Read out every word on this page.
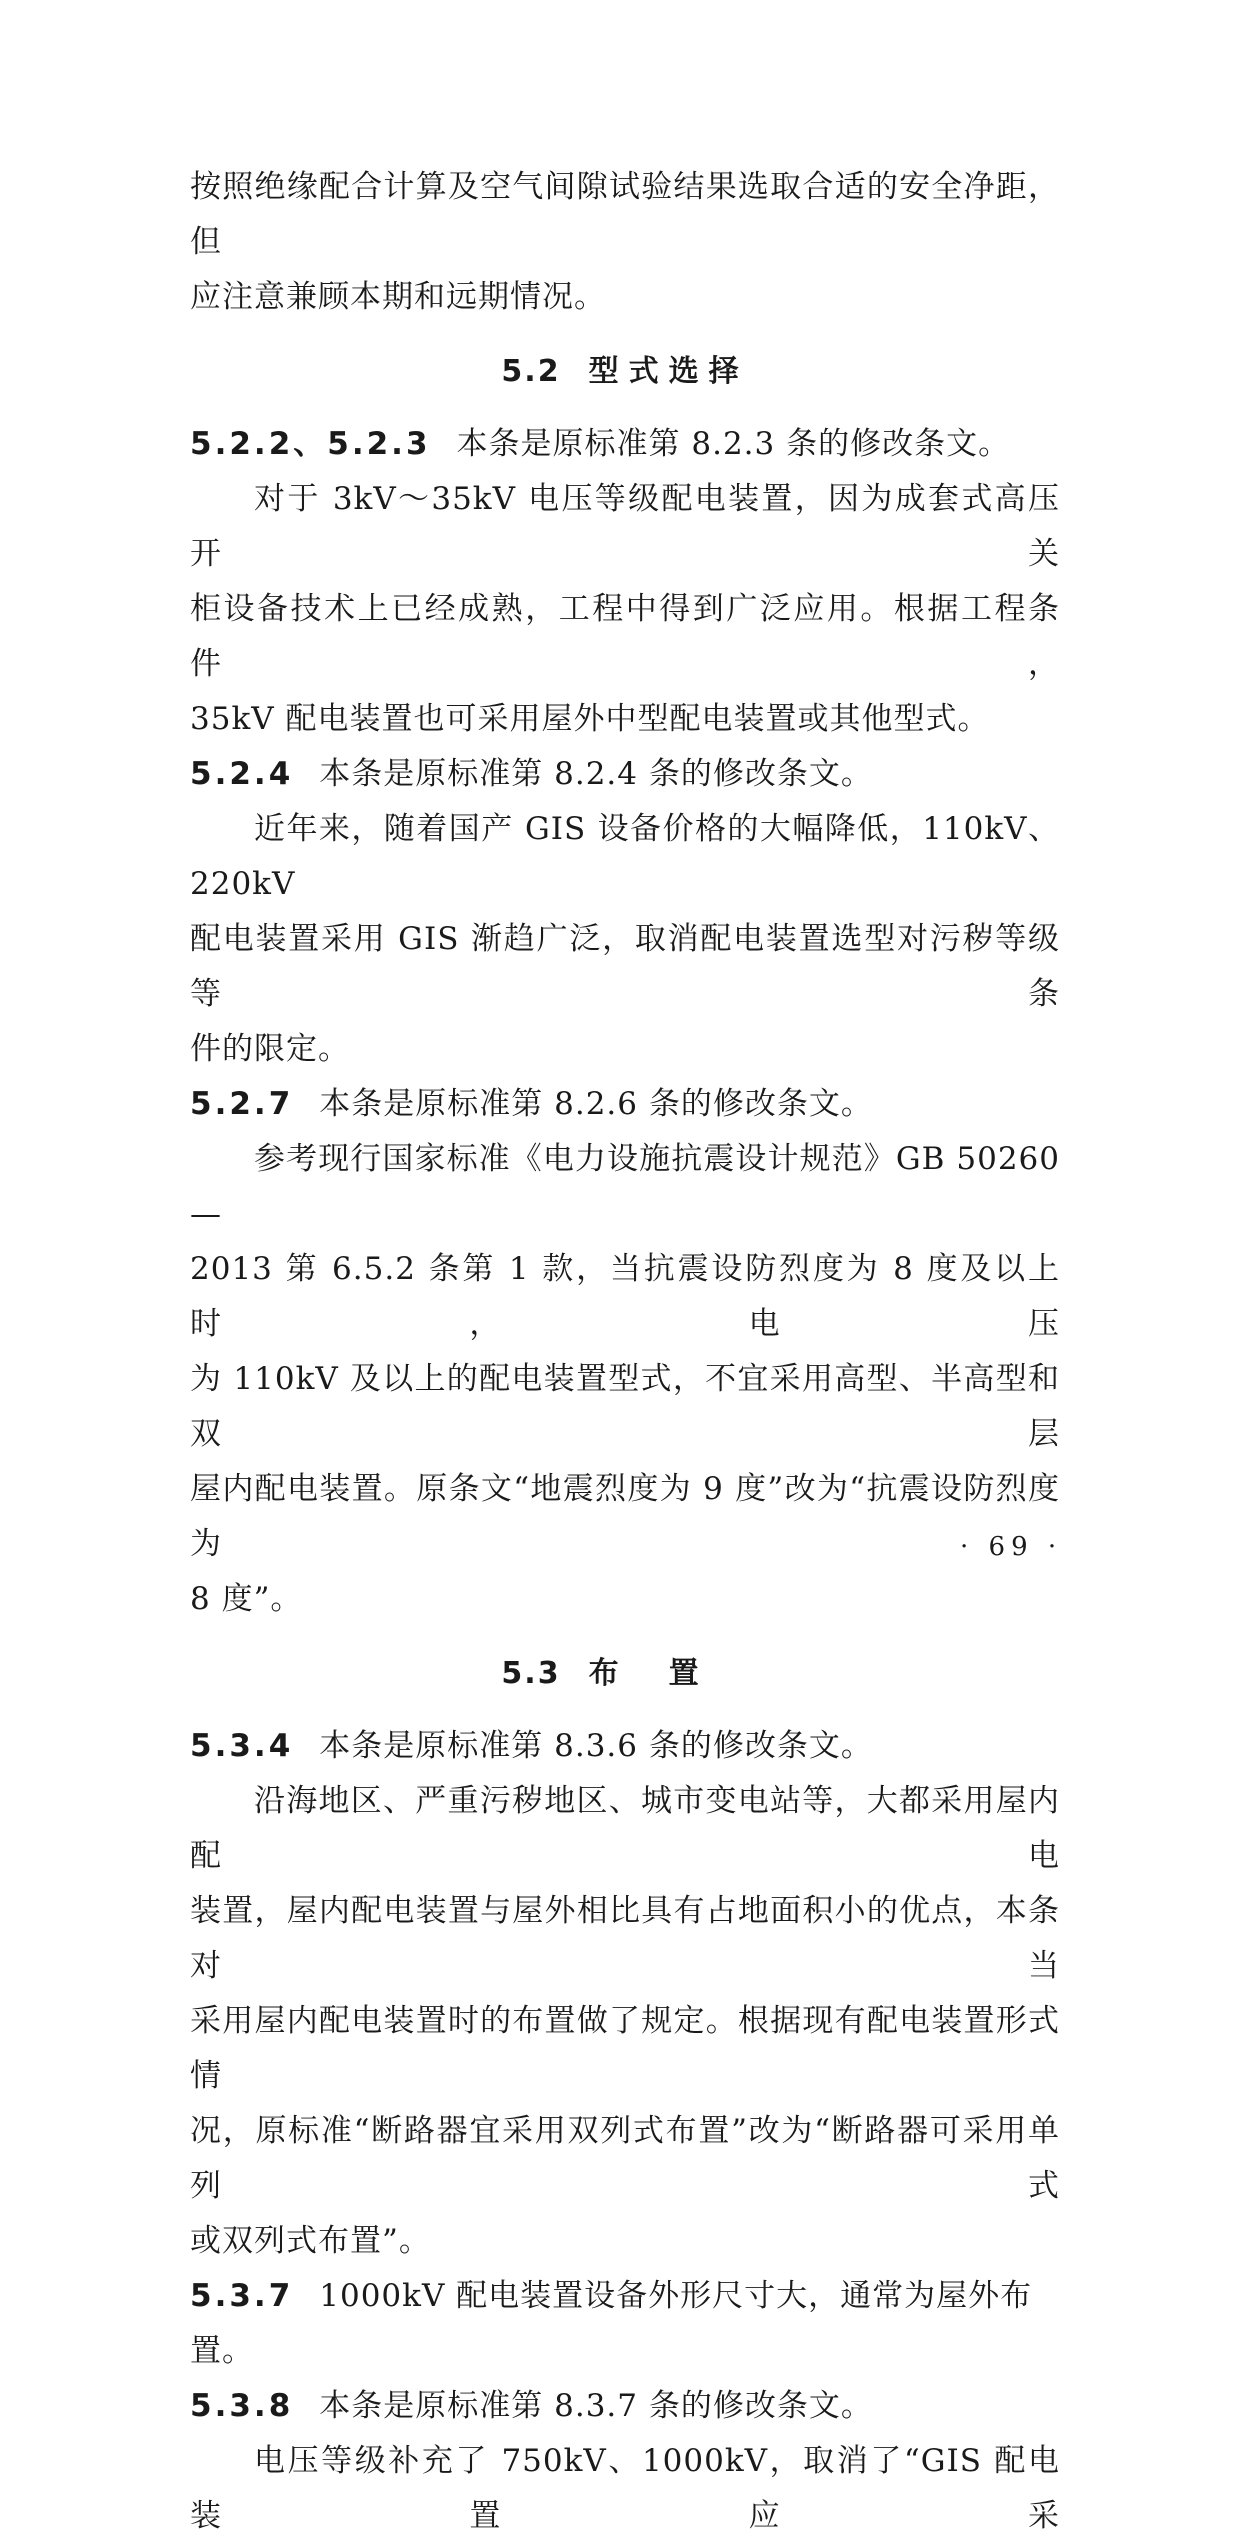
按照绝缘配合计算及空气间隙试验结果选取合适的安全净距，但

应注意兼顾本期和远期情况。

5.2 型式选择

5.2.2、5.2.3 本条是原标准第 8.2.3 条的修改条文。

对于 3kV～35kV 电压等级配电装置，因为成套式高压开关

柜设备技术上已经成熟，工程中得到广泛应用。根据工程条件，

35kV 配电装置也可采用屋外中型配电装置或其他型式。

5.2.4 本条是原标准第 8.2.4 条的修改条文。

近年来，随着国产 GIS 设备价格的大幅降低，110kV、220kV

配电装置采用 GIS 渐趋广泛，取消配电装置选型对污秽等级等条

件的限定。

5.2.7 本条是原标准第 8.2.6 条的修改条文。

参考现行国家标准《电力设施抗震设计规范》GB 50260—

2013 第 6.5.2 条第 1 款，当抗震设防烈度为 8 度及以上时，电压

为 110kV 及以上的配电装置型式，不宜采用高型、半高型和双层

屋内配电装置。原条文“地震烈度为 9 度”改为“抗震设防烈度为

8 度”。

5.3 布置

5.3.4 本条是原标准第 8.3.6 条的修改条文。

沿海地区、严重污秽地区、城市变电站等，大都采用屋内配电

装置，屋内配电装置与屋外相比具有占地面积小的优点，本条对当

采用屋内配电装置时的布置做了规定。根据现有配电装置形式情

况，原标准“断路器宜采用双列式布置”改为“断路器可采用单列式

或双列式布置”。

5.3.7 1000kV 配电装置设备外形尺寸大，通常为屋外布置。

5.3.8 本条是原标准第 8.3.7 条的修改条文。

电压等级补充了 750kV、1000kV，取消了“GIS 配电装置应采

· 69 ·
